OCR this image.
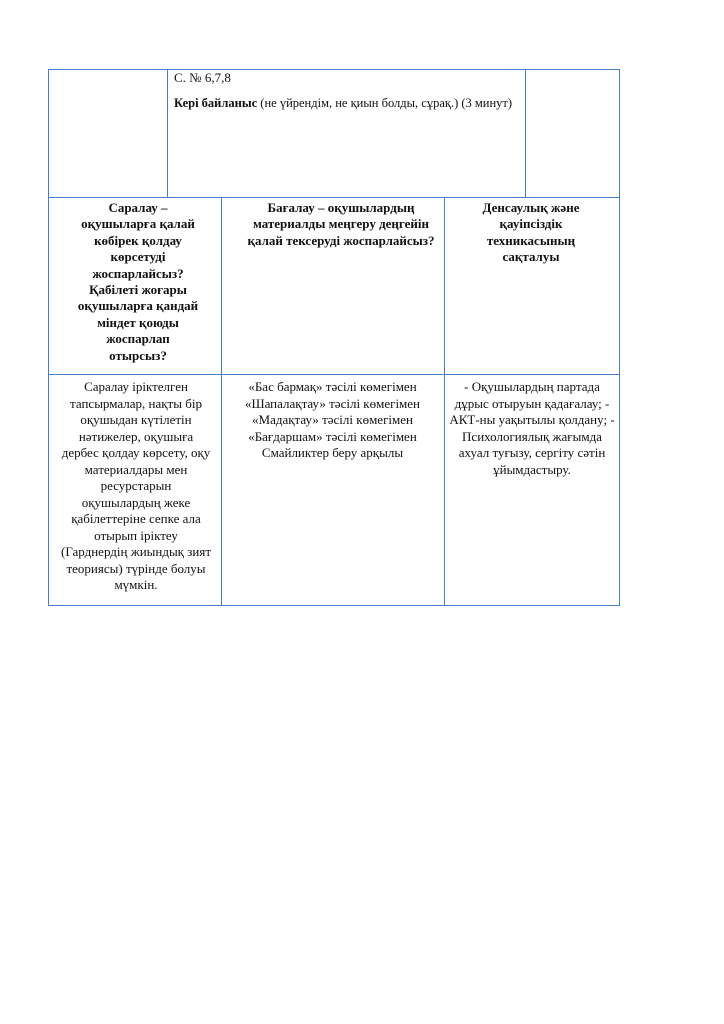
С. № 6,7,8
Кері байланыс (не үйрендім, не қиын болды, сұрақ.) (3 минут)
Саралау – оқушыларға қалай көбірек қолдау көрсетуді жоспарлайсыз? Қабілеті жоғары оқушыларға қандай міндет қоюды жоспарлап отырсыз?
Бағалау – оқушылардың материалды меңгеру деңгейін қалай тексеруді жоспарлайсыз?
Денсаулық және қауіпсіздік техникасының сақталуы
Саралау іріктелген тапсырмалар, нақты бір оқушыдан күтілетін нәтижелер, оқушыға дербес қолдау көрсету, оқу материалдары мен ресурстарын оқушылардың жеке қабілеттеріне сепке ала отырып іріктеу (Гарднердің жиындық зият теориясы) түрінде болуы мүмкін.
«Бас бармақ» тәсілі көмегімен «Шапалақтау» тәсілі көмегімен «Мадақтау» тәсілі көмегімен «Бағдаршам» тәсілі көмегімен Смайликтер беру арқылы
- Оқушылардың партада дұрыс отыруын қадағалау; - АКТ-ны уақытылы қолдану; - Психологиялық жағымда ахуал туғызу, сергіту сәтін ұйымдастыру.
